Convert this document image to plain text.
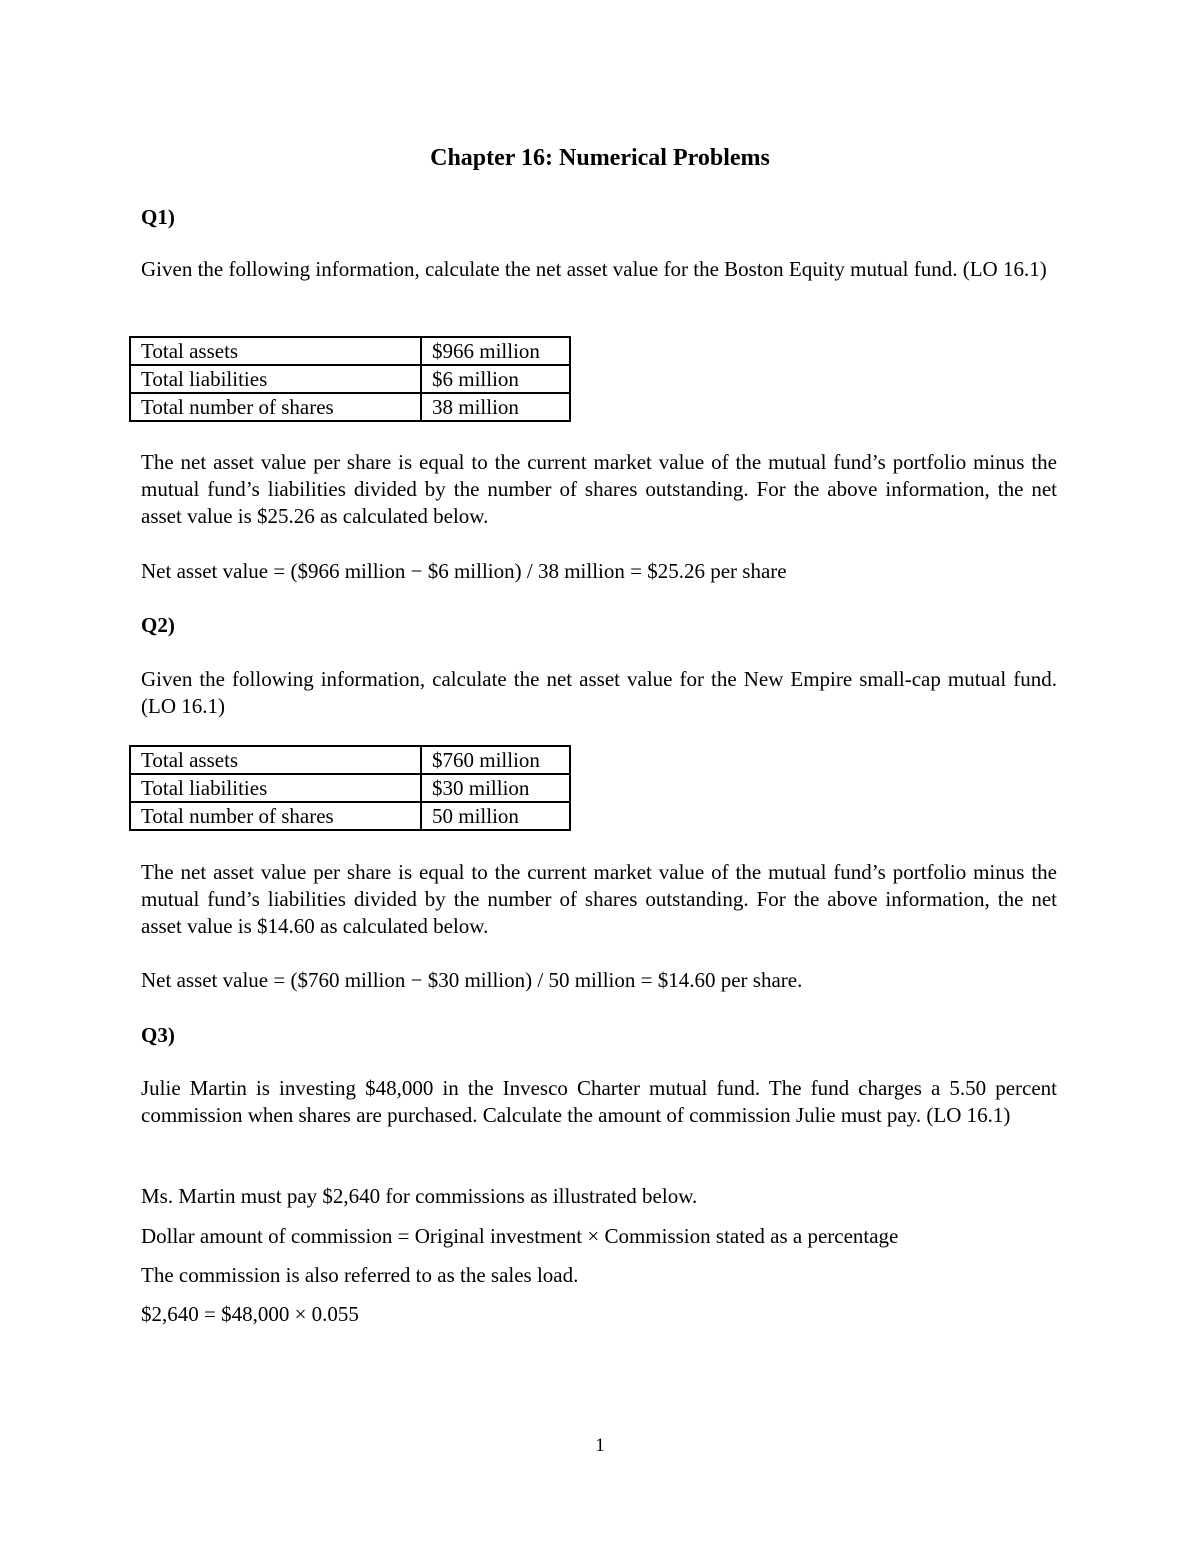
Chapter 16: Numerical Problems
Q1)

Given the following information, calculate the net asset value for the Boston Equity mutual fund. (LO 16.1)

Total assets	$966 million
Total liabilities	$6 million
Total number of shares	38 million

The net asset value per share is equal to the current market value of the mutual fund’s portfolio minus the mutual fund’s liabilities divided by the number of shares outstanding. For the above information, the net asset value is $25.26 as calculated below.

Net asset value = ($966 million − $6 million) / 38 million = $25.26 per share
Q2)

Given the following information, calculate the net asset value for the New Empire small-cap mutual fund. (LO 16.1)

Total assets	$760 million
Total liabilities	$30 million
Total number of shares	50 million

The net asset value per share is equal to the current market value of the mutual fund’s portfolio minus the mutual fund’s liabilities divided by the number of shares outstanding. For the above information, the net asset value is $14.60 as calculated below.

Net asset value = ($760 million − $30 million) / 50 million = $14.60 per share.
Q3)

Julie Martin is investing $48,000 in the Invesco Charter mutual fund. The fund charges a 5.50 percent commission when shares are purchased. Calculate the amount of commission Julie must pay. (LO 16.1)

Ms. Martin must pay $2,640 for commissions as illustrated below.
Dollar amount of commission = Original investment × Commission stated as a percentage
The commission is also referred to as the sales load.
$2,640 = $48,000 × 0.055
1
